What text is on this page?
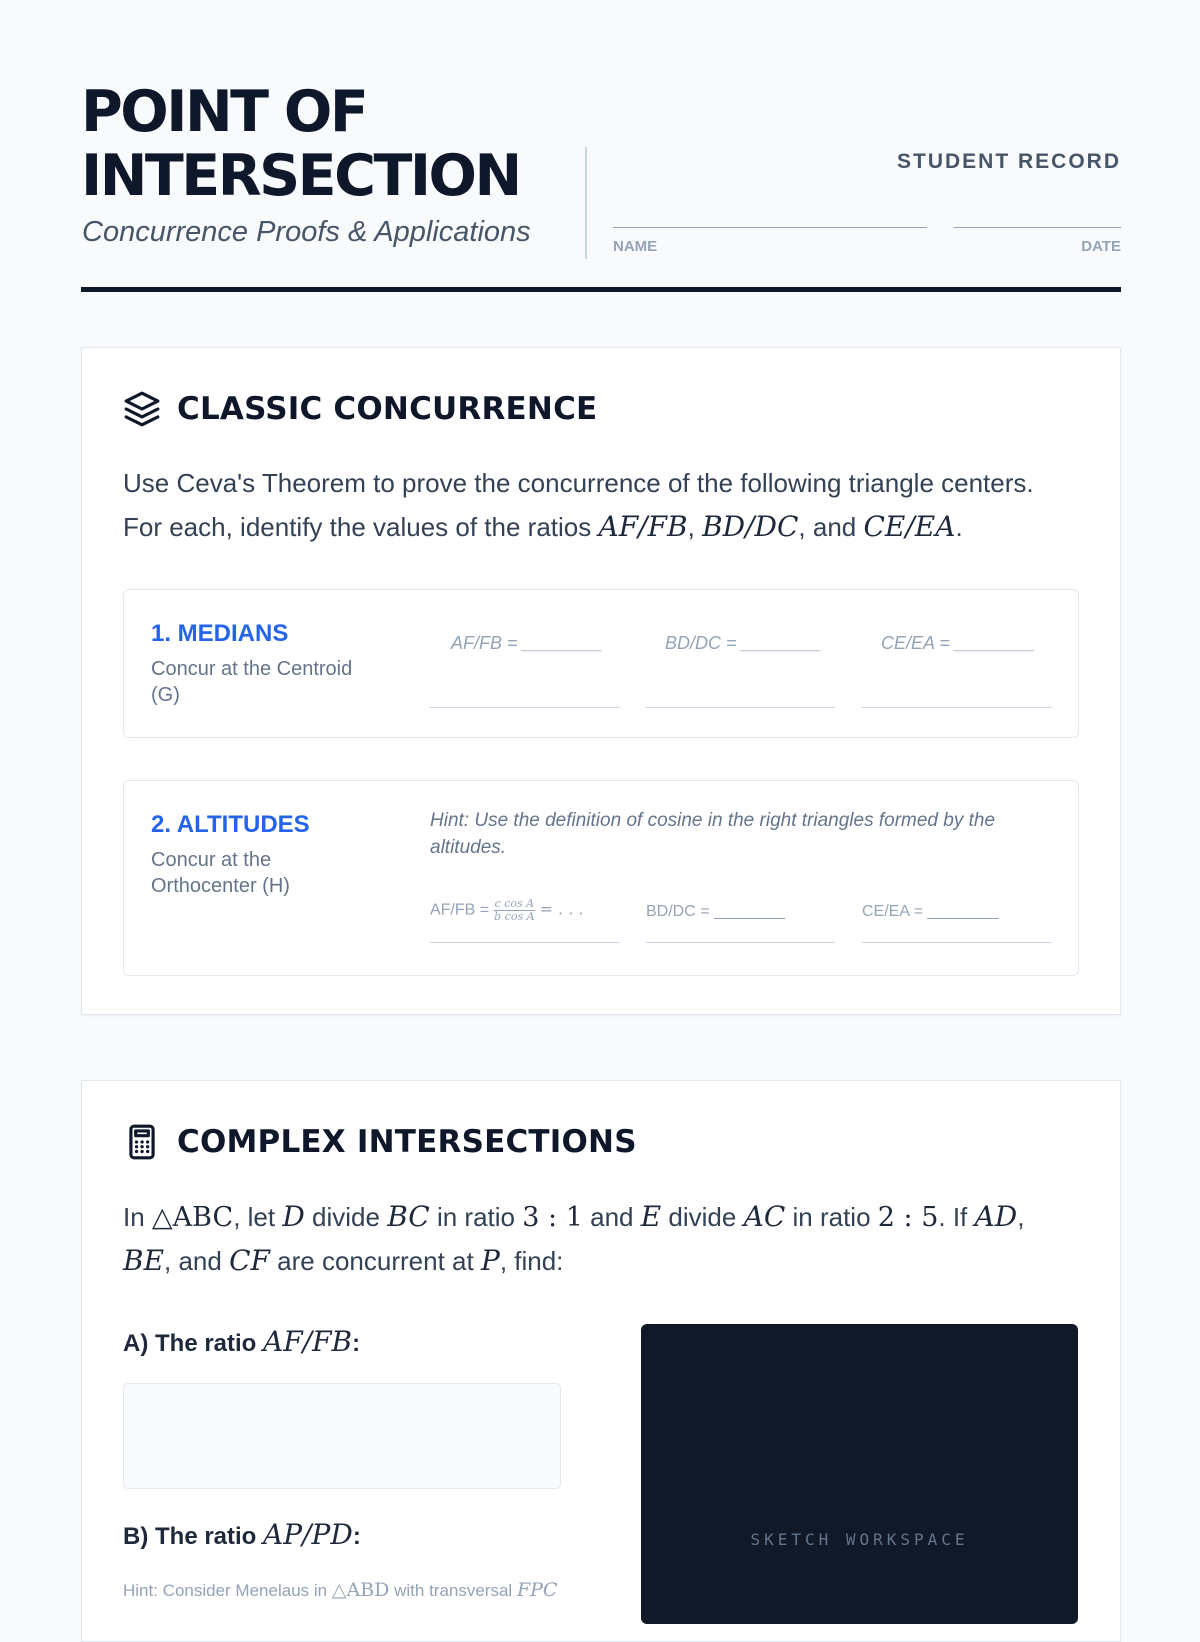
POINT OF
INTERSECTION

Concurrence Proofs & Applications

STUDENT RECORD
NAME	DATE
CLASSIC CONCURRENCE

Use Ceva's Theorem to prove the concurrence of the following triangle centers.
For each, identify the values of the ratios AF/FB, BD/DC, and CE/EA.

1. MEDIANS
Concur at the Centroid (G)
AF/FB = ________	BD/DC = ________	CE/EA = ________
2. ALTITUDES
Concur at the Orthocenter (H)

Hint: Use the definition of cosine in the right triangles formed by the altitudes.

$AF/FB = \frac{\text{c cos A}}{\text{b cos A}}$ = . . .	BD/DC = ________	CE/EA = ________
COMPLEX INTERSECTIONS

In △ABC, let D divide BC in ratio 3 : 1 and E divide AC in ratio 2 : 5. If AD,
BE, and CF are concurrent at P, find:

A) The ratio AF/FB:
B) The ratio AP/PD:
Hint: Consider Menelaus in △ABD with transversal FPC
SKETCH WORKSPACE
